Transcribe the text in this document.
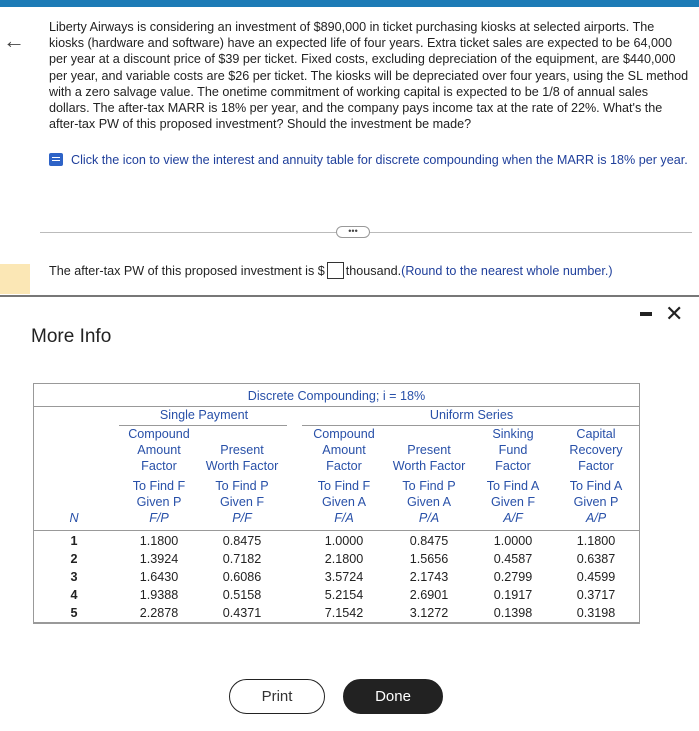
←
Liberty Airways is considering an investment of $890,000 in ticket purchasing kiosks at selected airports. The kiosks (hardware and software) have an expected life of four years. Extra ticket sales are expected to be 64,000 per year at a discount price of $39 per ticket. Fixed costs, excluding depreciation of the equipment, are $440,000 per year, and variable costs are $26 per ticket. The kiosks will be depreciated over four years, using the SL method with a zero salvage value. The onetime commitment of working capital is expected to be 1/8 of annual sales dollars. The after-tax MARR is 18% per year, and the company pays income tax at the rate of 22%. What's the after-tax PW of this proposed investment? Should the investment be made?
Click the icon to view the interest and annuity table for discrete compounding when the MARR is 18% per year.
•••
The after-tax PW of this proposed investment is $ thousand.(Round to the nearest whole number.)
More Info
✕
Discrete Compounding; i = 18%
Single Payment	Uniform Series
Compound
Amount
Factor
To Find F
Given P
F/P
Present
Worth Factor
To Find P
Given F
P/F
Compound
Amount
Factor
To Find F
Given A
F/A
Present
Worth Factor
To Find P
Given A
P/A
Sinking
Fund
Factor
To Find A
Given F
A/F
Capital
Recovery
Factor
To Find A
Given P
A/P
N
1	1.1800	0.8475	1.0000	0.8475	1.0000	1.1800
2	1.3924	0.7182	2.1800	1.5656	0.4587	0.6387
3	1.6430	0.6086	3.5724	2.1743	0.2799	0.4599
4	1.9388	0.5158	5.2154	2.6901	0.1917	0.3717
5	2.2878	0.4371	7.1542	3.1272	0.1398	0.3198
Print	Done
